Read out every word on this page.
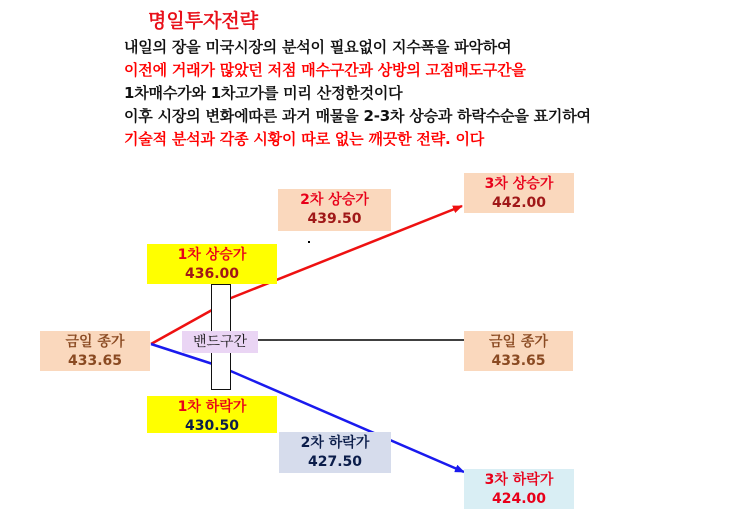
명일투자전략
내일의 장을 미국시장의 분석이 필요없이 지수폭을 파악하여
이전에 거래가 많았던 저점 매수구간과 상방의 고점매도구간을
1차매수가와 1차고가를 미리 산정한것이다
이후 시장의 변화에따른 과거 매물을 2-3차 상승과 하락수순을 표기하여
기술적 분석과 각종 시황이 따로 없는 깨끗한 전략. 이다
밴드구간
금일 종가
433.65
1차 상승가
436.00
2차 상승가
439.50
3차 상승가
442.00
금일 종가
433.65
1차 하락가
430.50
2차 하락가
427.50
3차 하락가
424.00
